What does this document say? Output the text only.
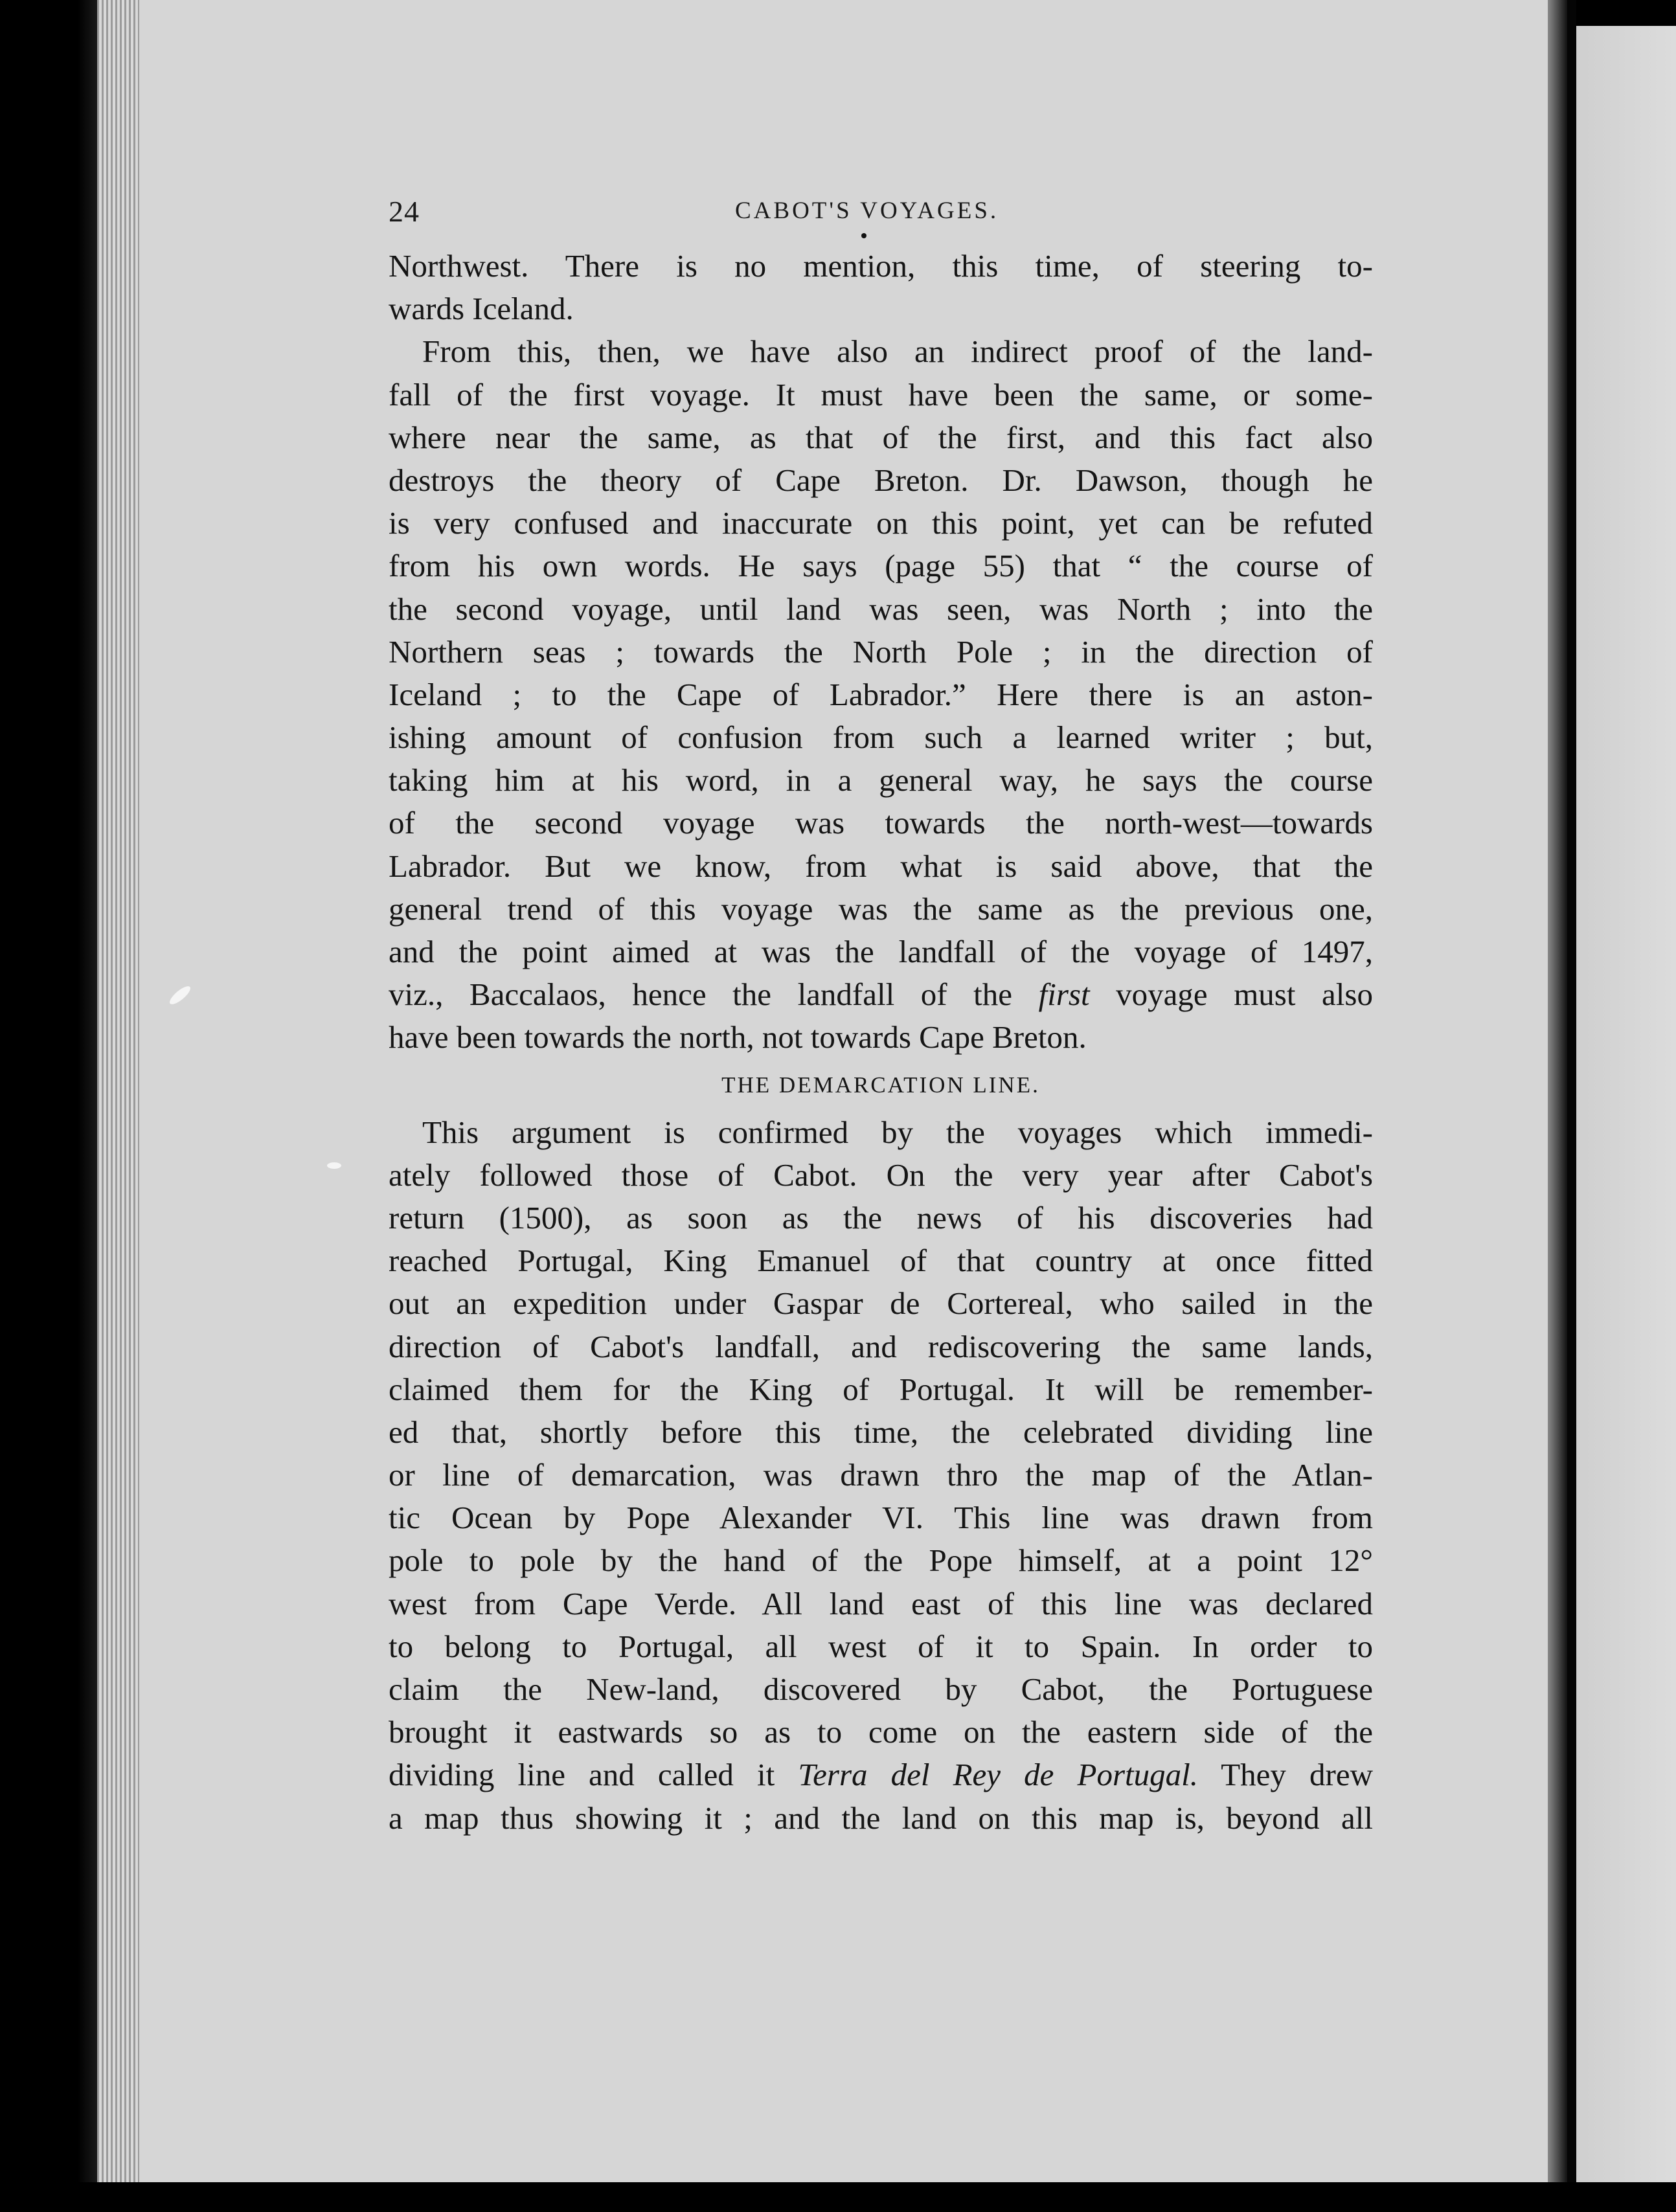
24	CABOT'S VOYAGES.
Northwest. There is no mention, this time, of steering to-
wards Iceland.
From this, then, we have also an indirect proof of the land-
fall of the first voyage. It must have been the same, or some-
where near the same, as that of the first, and this fact also
destroys the theory of Cape Breton. Dr. Dawson, though he
is very confused and inaccurate on this point, yet can be refuted
from his own words. He says (page 55) that “ the course of
the second voyage, until land was seen, was North ; into the
Northern seas ; towards the North Pole ; in the direction of
Iceland ; to the Cape of Labrador.” Here there is an aston-
ishing amount of confusion from such a learned writer ; but,
taking him at his word, in a general way, he says the course
of the second voyage was towards the north-west—towards
Labrador. But we know, from what is said above, that the
general trend of this voyage was the same as the previous one,
and the point aimed at was the landfall of the voyage of 1497,
viz., Baccalaos, hence the landfall of the first voyage must also
have been towards the north, not towards Cape Breton.
THE DEMARCATION LINE.
This argument is confirmed by the voyages which immedi-
ately followed those of Cabot. On the very year after Cabot's
return (1500), as soon as the news of his discoveries had
reached Portugal, King Emanuel of that country at once fitted
out an expedition under Gaspar de Cortereal, who sailed in the
direction of Cabot's landfall, and rediscovering the same lands,
claimed them for the King of Portugal. It will be remember-
ed that, shortly before this time, the celebrated dividing line
or line of demarcation, was drawn thro the map of the Atlan-
tic Ocean by Pope Alexander VI. This line was drawn from
pole to pole by the hand of the Pope himself, at a point 12°
west from Cape Verde. All land east of this line was declared
to belong to Portugal, all west of it to Spain. In order to
claim the New-land, discovered by Cabot, the Portuguese
brought it eastwards so as to come on the eastern side of the
dividing line and called it Terra del Rey de Portugal. They drew
a map thus showing it ; and the land on this map is, beyond all
